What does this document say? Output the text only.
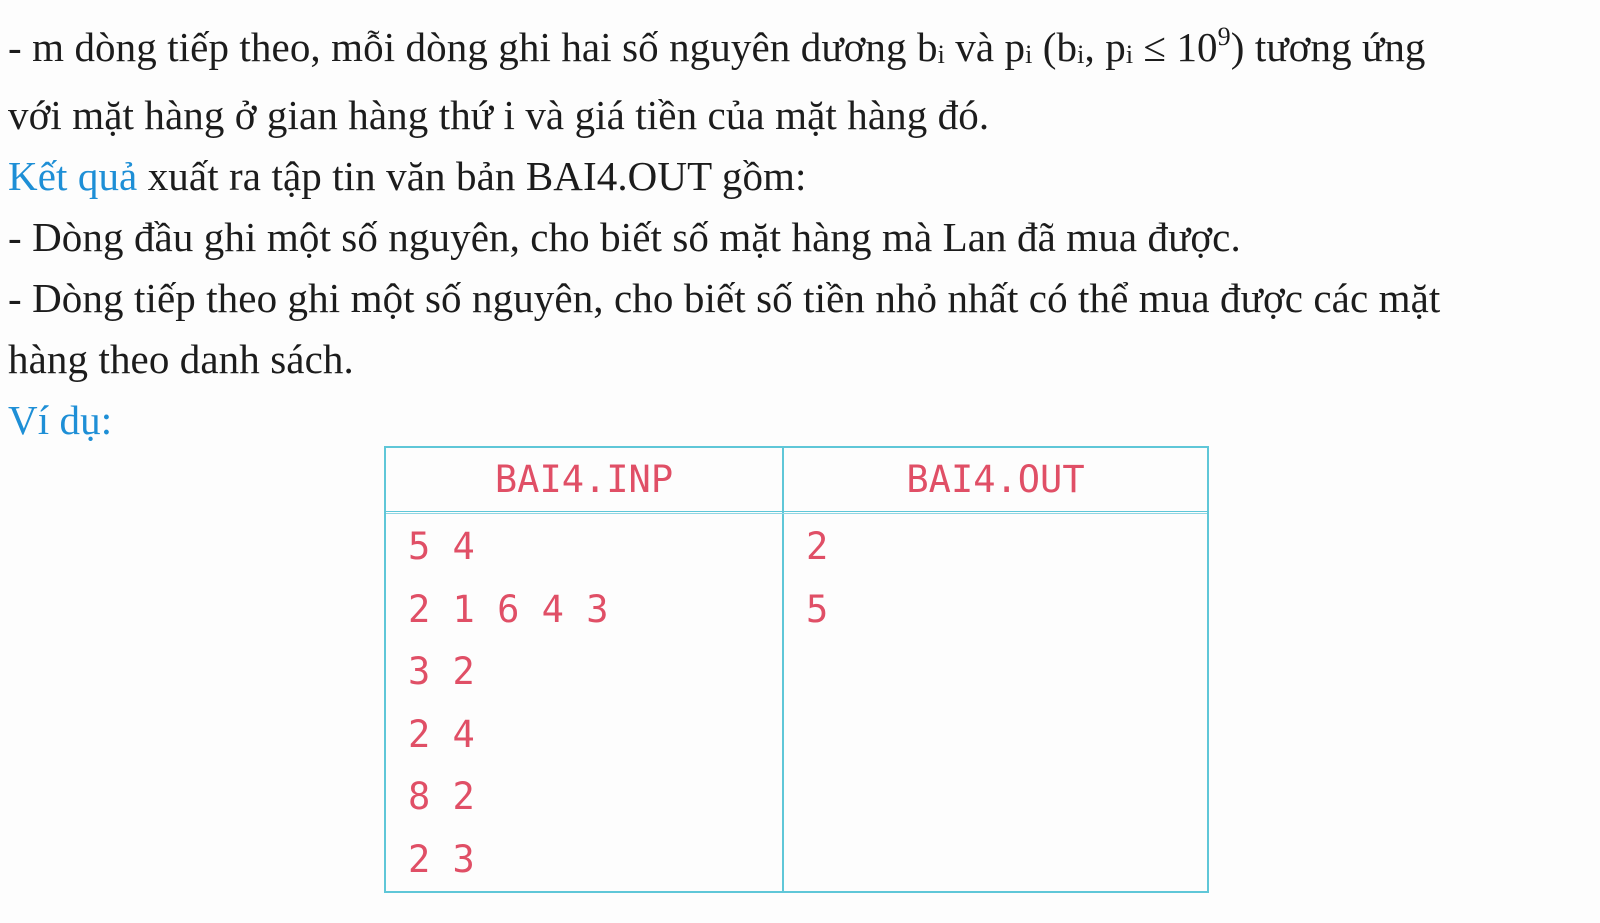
- m dòng tiếp theo, mỗi dòng ghi hai số nguyên dương bi và pi (bi, pi ≤ $10^9$) tương ứng
với mặt hàng ở gian hàng thứ i và giá tiền của mặt hàng đó.
Kết quả xuất ra tập tin văn bản BAI4.OUT gồm:
- Dòng đầu ghi một số nguyên, cho biết số mặt hàng mà Lan đã mua được.
- Dòng tiếp theo ghi một số nguyên, cho biết số tiền nhỏ nhất có thể mua được các mặt
hàng theo danh sách.
Ví dụ:
BAI4.INP	BAI4.OUT
5 4
2 1 6 4 3
3 2
2 4
8 2
2 3
2
5
